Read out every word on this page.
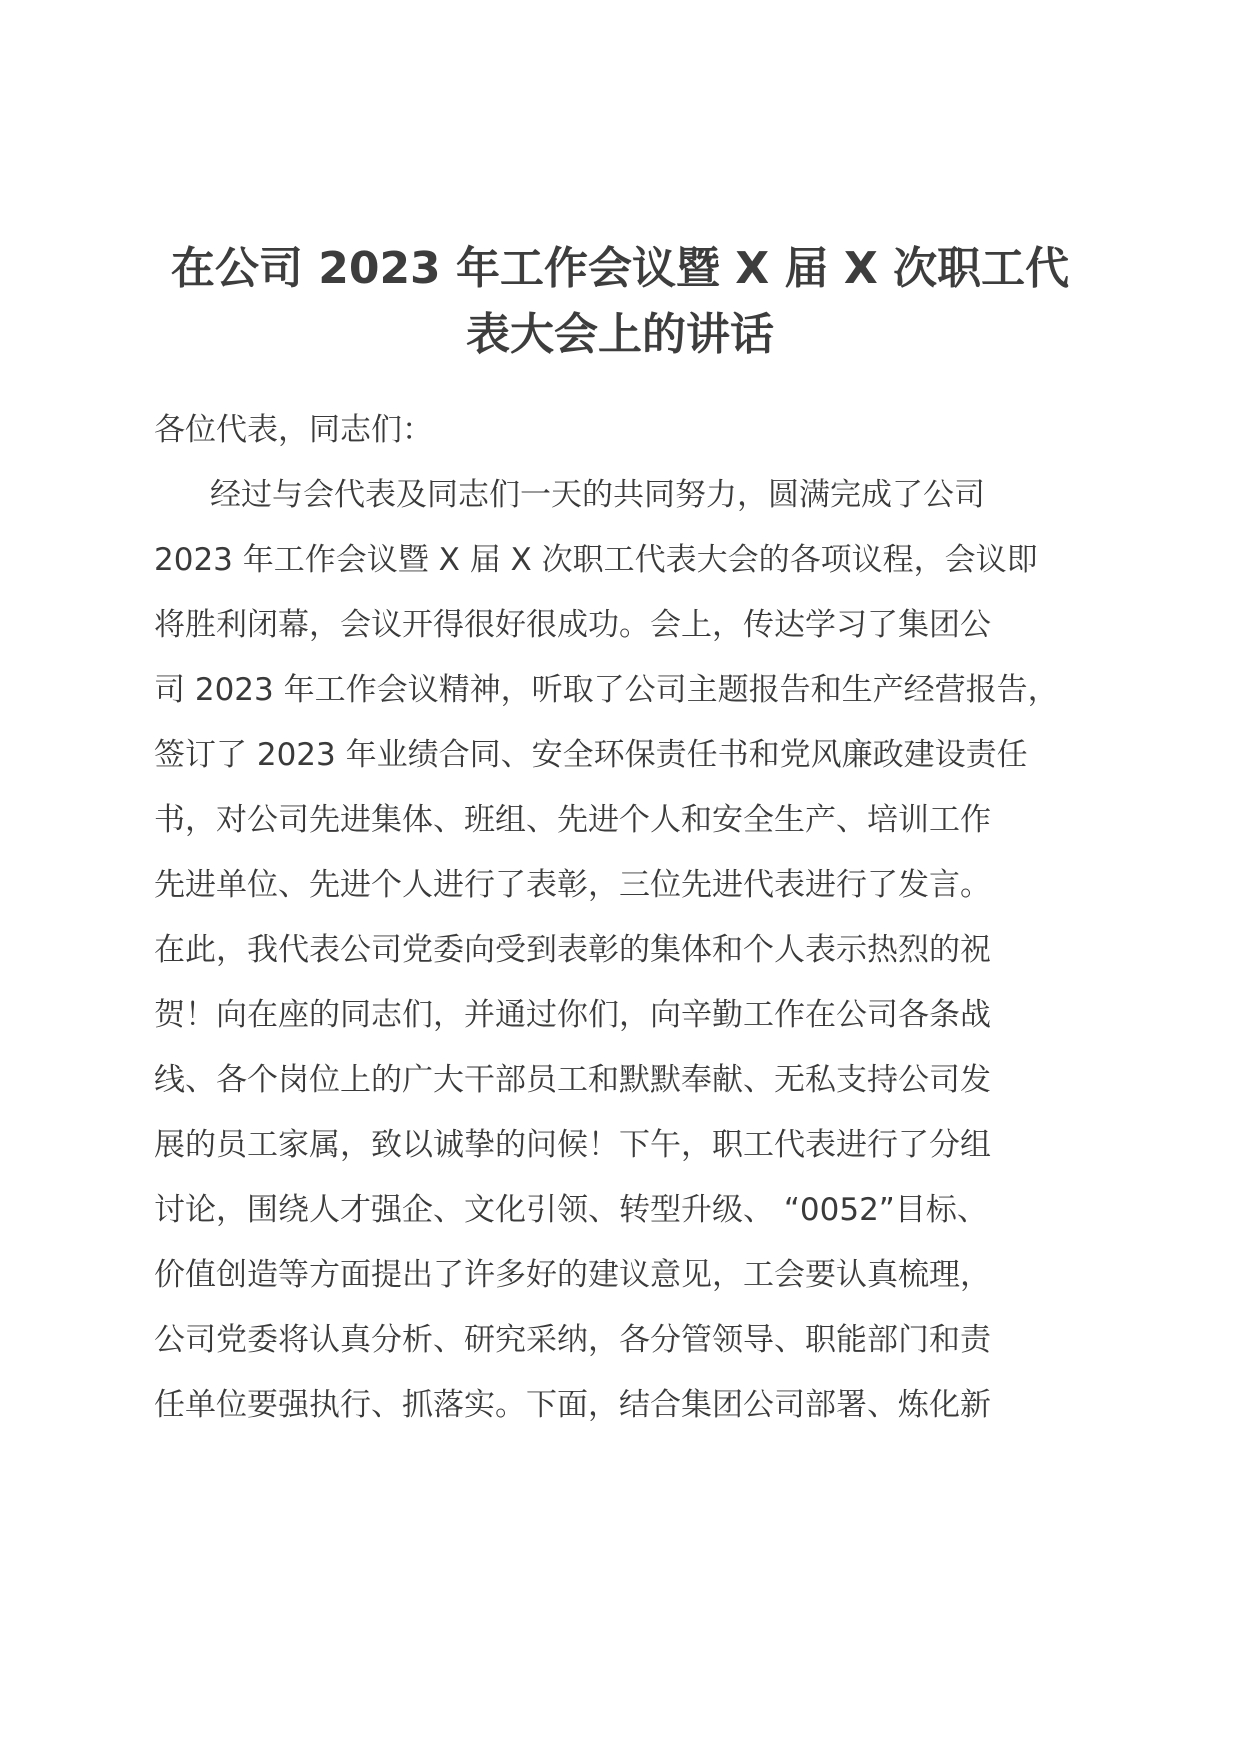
在公司 2023 年工作会议暨 X 届 X 次职工代
表大会上的讲话
各位代表，同志们：
经过与会代表及同志们一天的共同努力，圆满完成了公司
2023 年工作会议暨 X 届 X 次职工代表大会的各项议程，会议即
将胜利闭幕，会议开得很好很成功。会上，传达学习了集团公
司 2023 年工作会议精神，听取了公司主题报告和生产经营报告，
签订了 2023 年业绩合同、安全环保责任书和党风廉政建设责任
书，对公司先进集体、班组、先进个人和安全生产、培训工作
先进单位、先进个人进行了表彰，三位先进代表进行了发言。
在此，我代表公司党委向受到表彰的集体和个人表示热烈的祝
贺！向在座的同志们，并通过你们，向辛勤工作在公司各条战
线、各个岗位上的广大干部员工和默默奉献、无私支持公司发
展的员工家属，致以诚挚的问候！下午，职工代表进行了分组
讨论，围绕人才强企、文化引领、转型升级、 “0052”目标、
价值创造等方面提出了许多好的建议意见，工会要认真梳理，
公司党委将认真分析、研究采纳，各分管领导、职能部门和责
任单位要强执行、抓落实。下面，结合集团公司部署、炼化新
